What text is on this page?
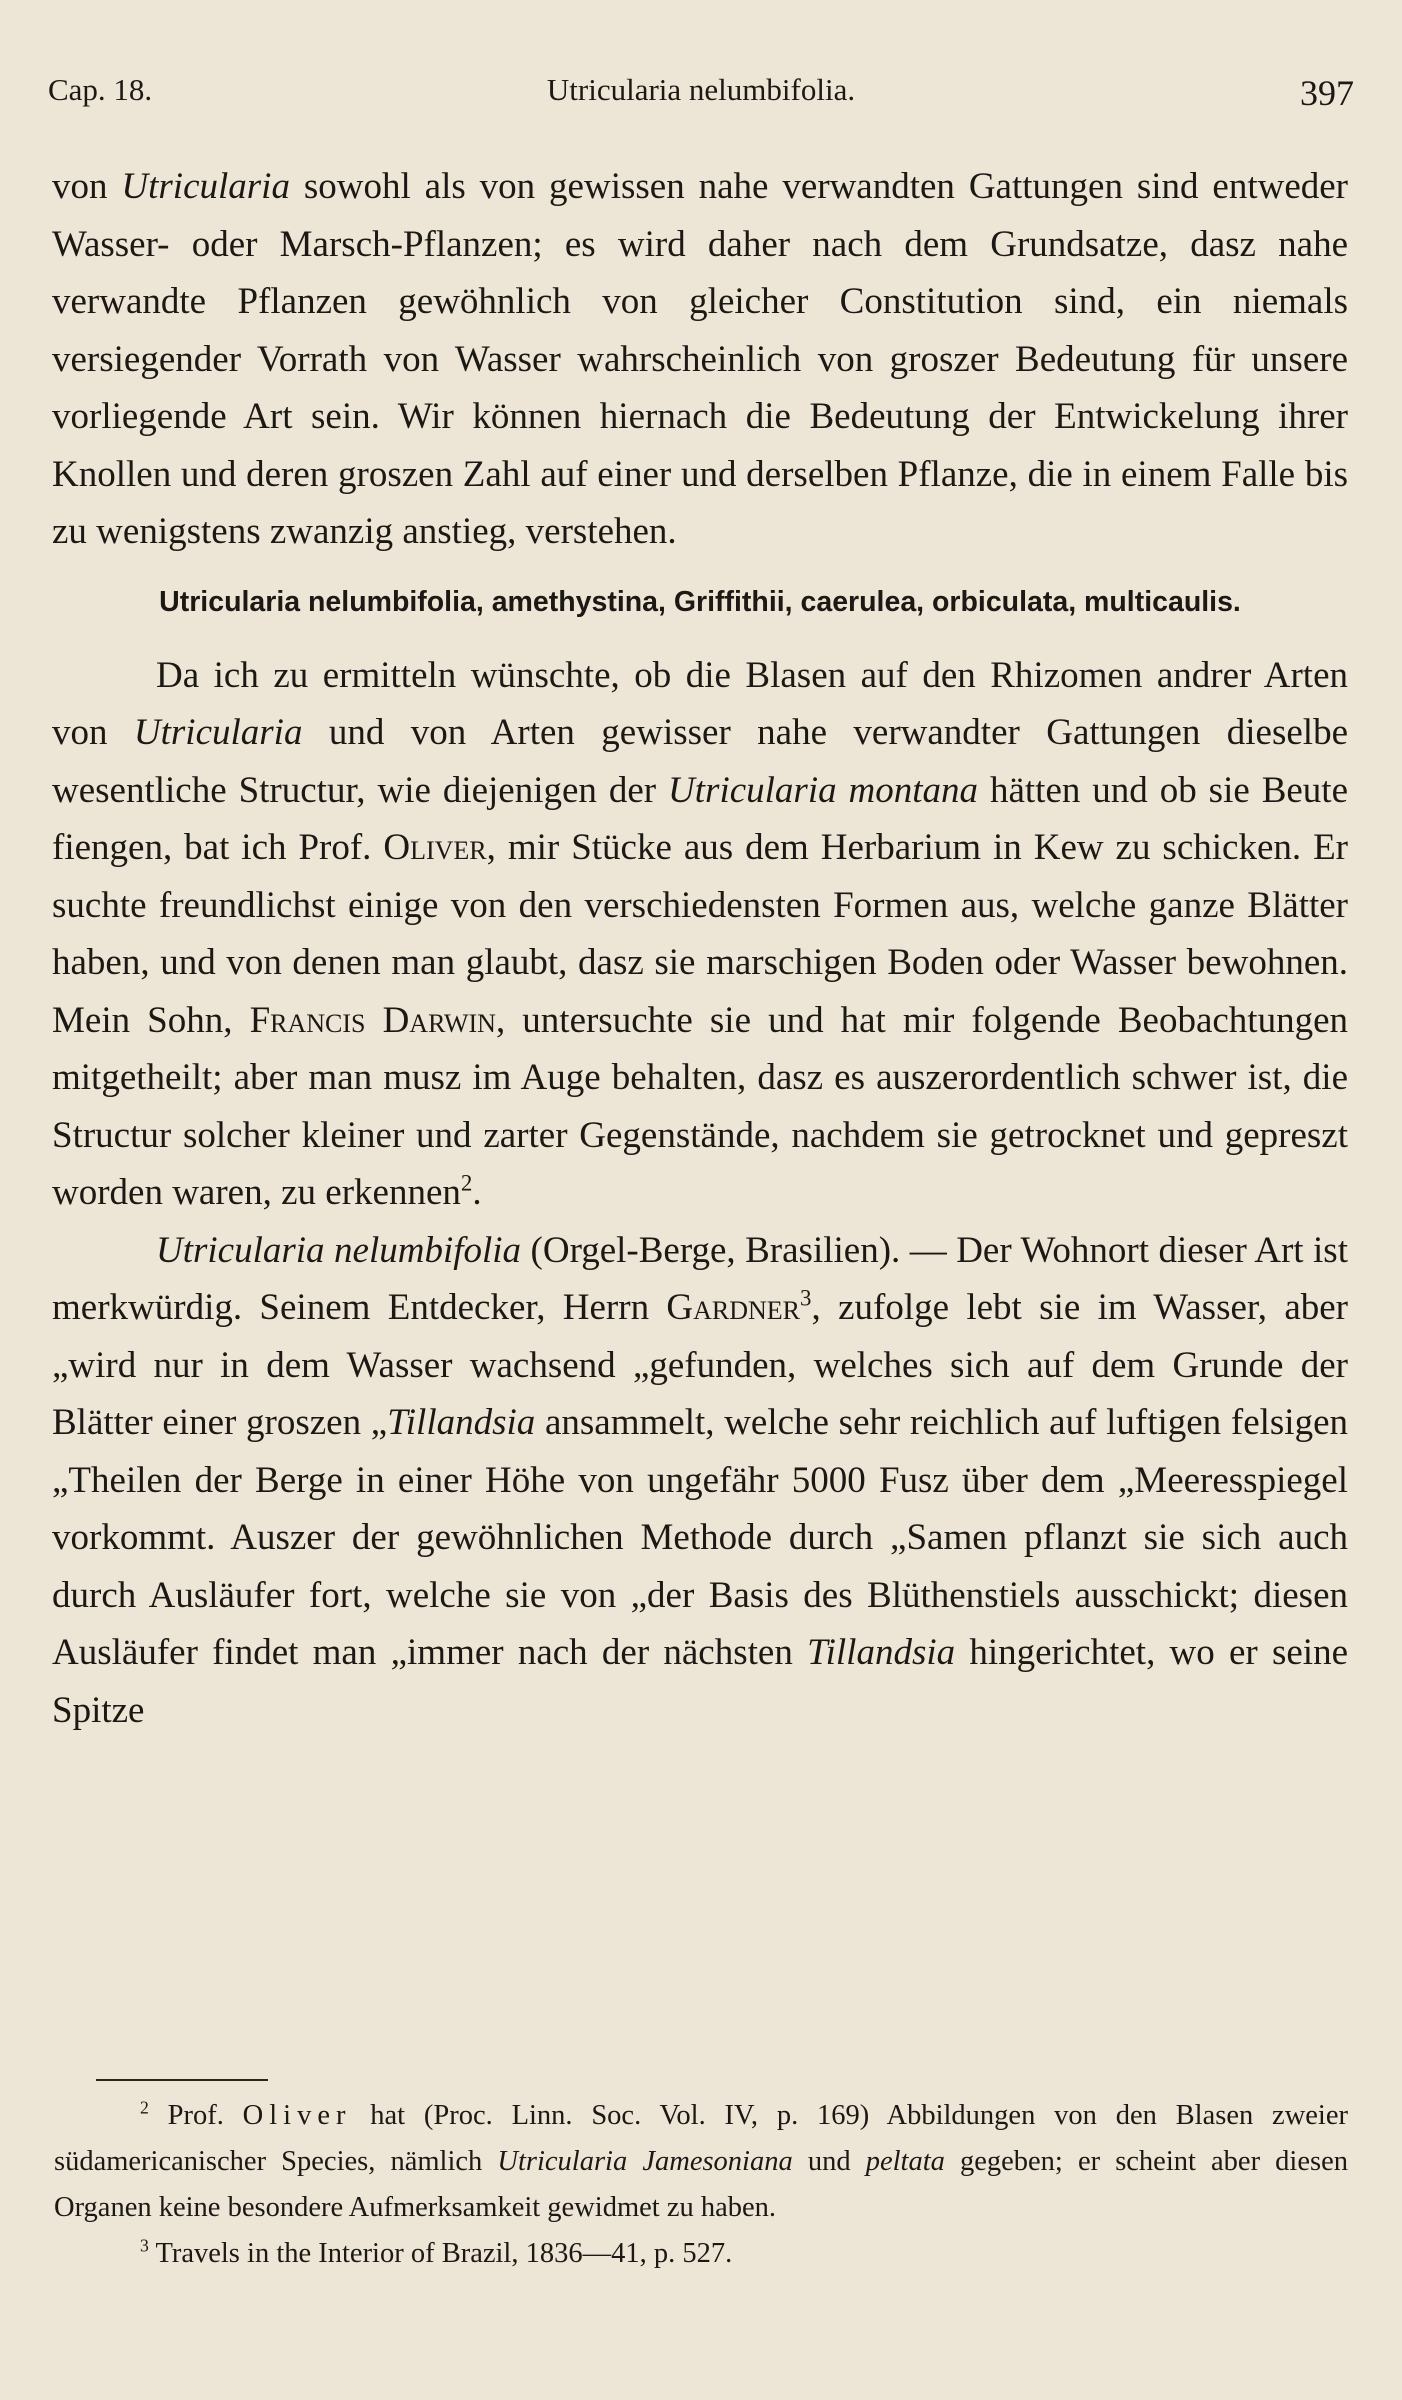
Cap. 18.	Utricularia nelumbifolia.	397

von Utricularia sowohl als von gewissen nahe verwandten Gattungen sind entweder Wasser- oder Marsch-Pflanzen; es wird daher nach dem Grundsatze, dasz nahe verwandte Pflanzen gewöhnlich von gleicher Constitution sind, ein niemals versiegender Vorrath von Wasser wahrscheinlich von groszer Bedeutung für unsere vorliegende Art sein. Wir können hiernach die Bedeutung der Entwickelung ihrer Knollen und deren groszen Zahl auf einer und derselben Pflanze, die in einem Falle bis zu wenigstens zwanzig anstieg, verstehen.

Utricularia nelumbifolia, amethystina, Griffithii, caerulea, orbiculata, multicaulis.

Da ich zu ermitteln wünschte, ob die Blasen auf den Rhizomen andrer Arten von Utricularia und von Arten gewisser nahe verwandter Gattungen dieselbe wesentliche Structur, wie diejenigen der Utricularia montana hätten und ob sie Beute fiengen, bat ich Prof. Oliver, mir Stücke aus dem Herbarium in Kew zu schicken. Er suchte freundlichst einige von den verschiedensten Formen aus, welche ganze Blätter haben, und von denen man glaubt, dasz sie marschigen Boden oder Wasser bewohnen. Mein Sohn, Francis Darwin, untersuchte sie und hat mir folgende Beobachtungen mitgetheilt; aber man musz im Auge behalten, dasz es auszerordentlich schwer ist, die Structur solcher kleiner und zarter Gegenstände, nachdem sie getrocknet und gepreszt worden waren, zu erkennen$^2$.

Utricularia nelumbifolia (Orgel-Berge, Brasilien). — Der Wohnort dieser Art ist merkwürdig. Seinem Entdecker, Herrn Gardner$^3$, zufolge lebt sie im Wasser, aber „wird nur in dem Wasser wachsend „gefunden, welches sich auf dem Grunde der Blätter einer groszen „Tillandsia ansammelt, welche sehr reichlich auf luftigen felsigen „Theilen der Berge in einer Höhe von ungefähr 5000 Fusz über dem „Meeresspiegel vorkommt. Auszer der gewöhnlichen Methode durch „Samen pflanzt sie sich auch durch Ausläufer fort, welche sie von „der Basis des Blüthenstiels ausschickt; diesen Ausläufer findet man „immer nach der nächsten Tillandsia hingerichtet, wo er seine Spitze

$^2$ Prof. Oliver hat (Proc. Linn. Soc. Vol. IV, p. 169) Abbildungen von den Blasen zweier südamericanischer Species, nämlich Utricularia Jamesoniana und peltata gegeben; er scheint aber diesen Organen keine besondere Aufmerksamkeit gewidmet zu haben.

$^3$ Travels in the Interior of Brazil, 1836—41, p. 527.
